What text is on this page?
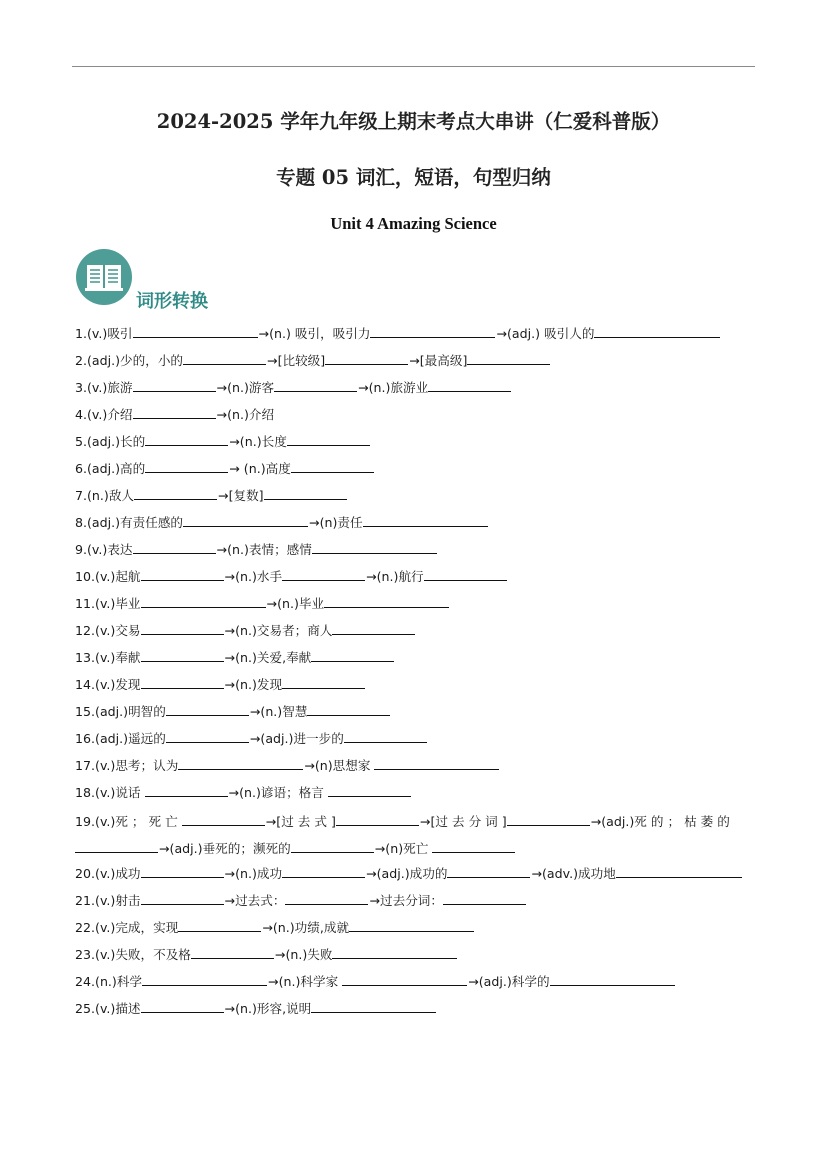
2024-2025 学年九年级上期末考点大串讲（仁爱科普版）
专题 05 词汇，短语，句型归纳
Unit 4 Amazing Science
词形转换
1.(v.)吸引	→(n.) 吸引，吸引力	→(adj.) 吸引人的
2.(adj.)少的，小的	→[比较级]	→[最高级]
3.(v.)旅游	→(n.)游客	→(n.)旅游业
4.(v.)介绍	→(n.)介绍
5.(adj.)长的	→(n.)长度
6.(adj.)高的	→ (n.)高度
7.(n.)敌人	→[复数]
8.(adj.)有责任感的	→(n)责任
9.(v.)表达	→(n.)表情；感情
10.(v.)起航	→(n.)水手	→(n.)航行
11.(v.)毕业	→(n.)毕业
12.(v.)交易	→(n.)交易者；商人
13.(v.)奉献	→(n.)关爱,奉献
14.(v.)发现	→(n.)发现
15.(adj.)明智的	→(n.)智慧
16.(adj.)遥远的	→(adj.)进一步的
17.(v.)思考；认为	→(n)思想家
18.(v.)说话	→(n.)谚语；格言
19.(v.)死 ； 死 亡	→[过 去 式 ]	→[过 去 分 词 ]	→(adj.)死 的 ； 枯 萎 的→(adj.)垂死的；濒死的	→(n)死亡
20.(v.)成功	→(n.)成功	→(adj.)成功的	→(adv.)成功地
21.(v.)射击	→过去式：	→过去分词：
22.(v.)完成，实现	→(n.)功绩,成就
23.(v.)失败，不及格	→(n.)失败
24.(n.)科学	→(n.)科学家	→(adj.)科学的
25.(v.)描述	→(n.)形容,说明
